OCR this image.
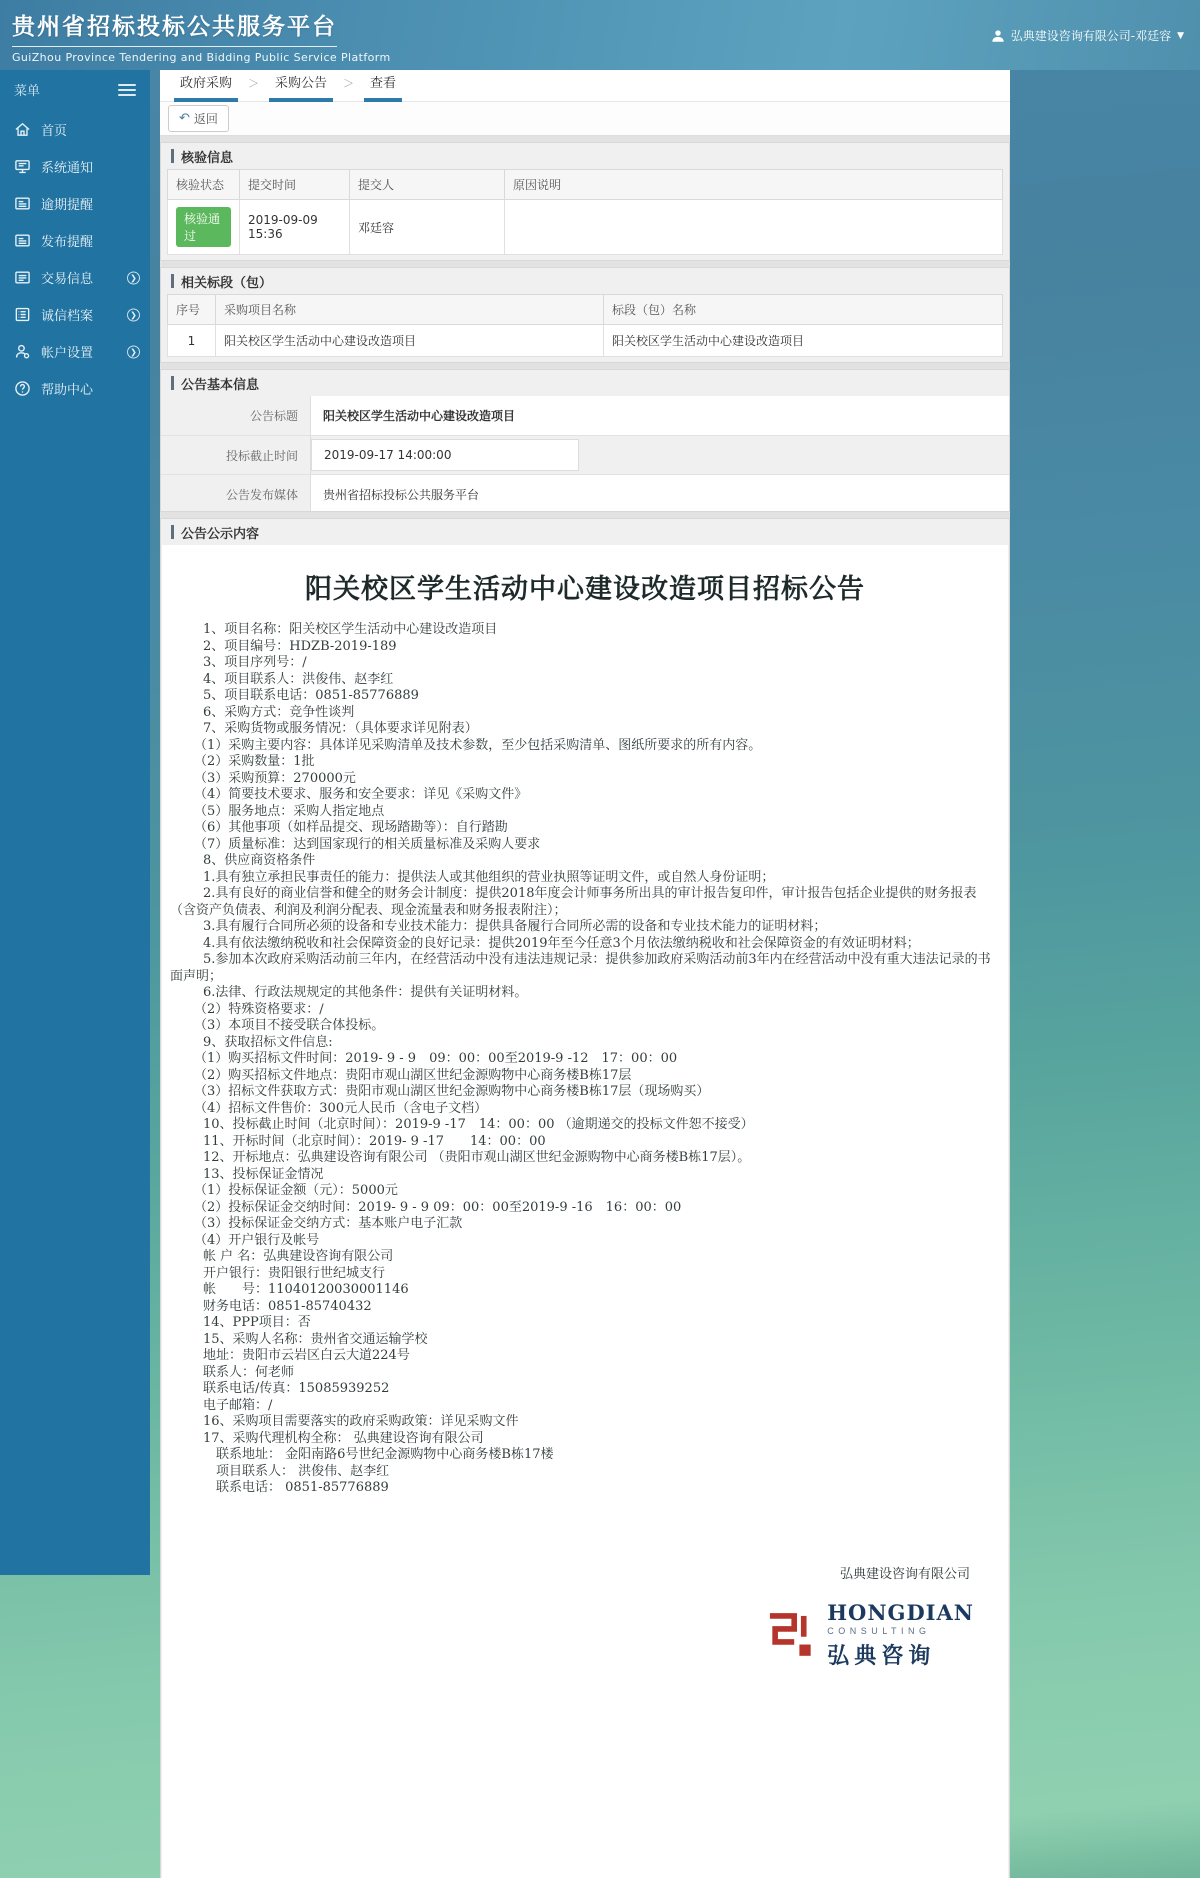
贵州省招标投标公共服务平台
GuiZhou Province Tendering and Bidding Public Service Platform
弘典建设咨询有限公司-邓廷容 ▼
菜单
首页
系统通知
逾期提醒
发布提醒
交易信息	❯
诚信档案	❯
帐户设置	❯
帮助中心
政府采购	＞	采购公告	＞	查看
↶ 返回
核验信息
核验状态	提交时间	提交人	原因说明
核验通过	2019-09-09 15:36	邓廷容	
相关标段（包）
序号	采购项目名称	标段（包）名称
1	阳关校区学生活动中心建设改造项目	阳关校区学生活动中心建设改造项目
公告基本信息
公告标题	阳关校区学生活动中心建设改造项目
投标截止时间	2019-09-17 14:00:00
公告发布媒体	贵州省招标投标公共服务平台
公告公示内容
阳关校区学生活动中心建设改造项目招标公告
1、项目名称：阳关校区学生活动中心建设改造项目
2、项目编号：HDZB-2019-189
3、项目序列号：/
4、项目联系人：洪俊伟、赵李红
5、项目联系电话：0851-85776889
6、采购方式：竞争性谈判
7、采购货物或服务情况：（具体要求详见附表）
（1）采购主要内容：具体详见采购清单及技术参数，至少包括采购清单、图纸所要求的所有内容。
（2）采购数量：1批
（3）采购预算：270000元
（4）简要技术要求、服务和安全要求：详见《采购文件》
（5）服务地点：采购人指定地点
（6）其他事项（如样品提交、现场踏勘等）：自行踏勘
（7）质量标准：达到国家现行的相关质量标准及采购人要求
8、供应商资格条件
1.具有独立承担民事责任的能力：提供法人或其他组织的营业执照等证明文件，或自然人身份证明；
2.具有良好的商业信誉和健全的财务会计制度：提供2018年度会计师事务所出具的审计报告复印件，审计报告包括企业提供的财务报表（含资产负债表、利润及利润分配表、现金流量表和财务报表附注）；
3.具有履行合同所必须的设备和专业技术能力：提供具备履行合同所必需的设备和专业技术能力的证明材料；
4.具有依法缴纳税收和社会保障资金的良好记录：提供2019年至今任意3个月依法缴纳税收和社会保障资金的有效证明材料；
5.参加本次政府采购活动前三年内，在经营活动中没有违法违规记录：提供参加政府采购活动前3年内在经营活动中没有重大违法记录的书面声明；
6.法律、行政法规规定的其他条件：提供有关证明材料。
（2）特殊资格要求：/
（3）本项目不接受联合体投标。
9、获取招标文件信息:
（1）购买招标文件时间：2019- 9 - 9　09：00：00至2019-9 -12　17：00：00
（2）购买招标文件地点：贵阳市观山湖区世纪金源购物中心商务楼B栋17层
（3）招标文件获取方式：贵阳市观山湖区世纪金源购物中心商务楼B栋17层（现场购买）
（4）招标文件售价：300元人民币（含电子文档）
10、投标截止时间（北京时间）：2019-9 -17　14：00：00 （逾期递交的投标文件恕不接受）
11、开标时间（北京时间）：2019- 9 -17　　14：00：00
12、开标地点：弘典建设咨询有限公司 （贵阳市观山湖区世纪金源购物中心商务楼B栋17层）。
13、投标保证金情况
（1）投标保证金额（元）：5000元
（2）投标保证金交纳时间：2019- 9 - 9 09：00：00至2019-9 -16　16：00：00
（3）投标保证金交纳方式：基本账户电子汇款
（4）开户银行及帐号
帐 户 名：弘典建设咨询有限公司
开户银行：贵阳银行世纪城支行
帐　　号：11040120030001146
财务电话：0851-85740432
14、PPP项目：否
15、采购人名称：贵州省交通运输学校
地址：贵阳市云岩区白云大道224号
联系人：何老师
联系电话/传真：15085939252
电子邮箱：/
16、采购项目需要落实的政府采购政策：详见采购文件
17、采购代理机构全称： 弘典建设咨询有限公司
联系地址： 金阳南路6号世纪金源购物中心商务楼B栋17楼
项目联系人： 洪俊伟、赵李红
联系电话： 0851-85776889
弘典建设咨询有限公司
HONGDIAN
CONSULTING
弘典咨询
